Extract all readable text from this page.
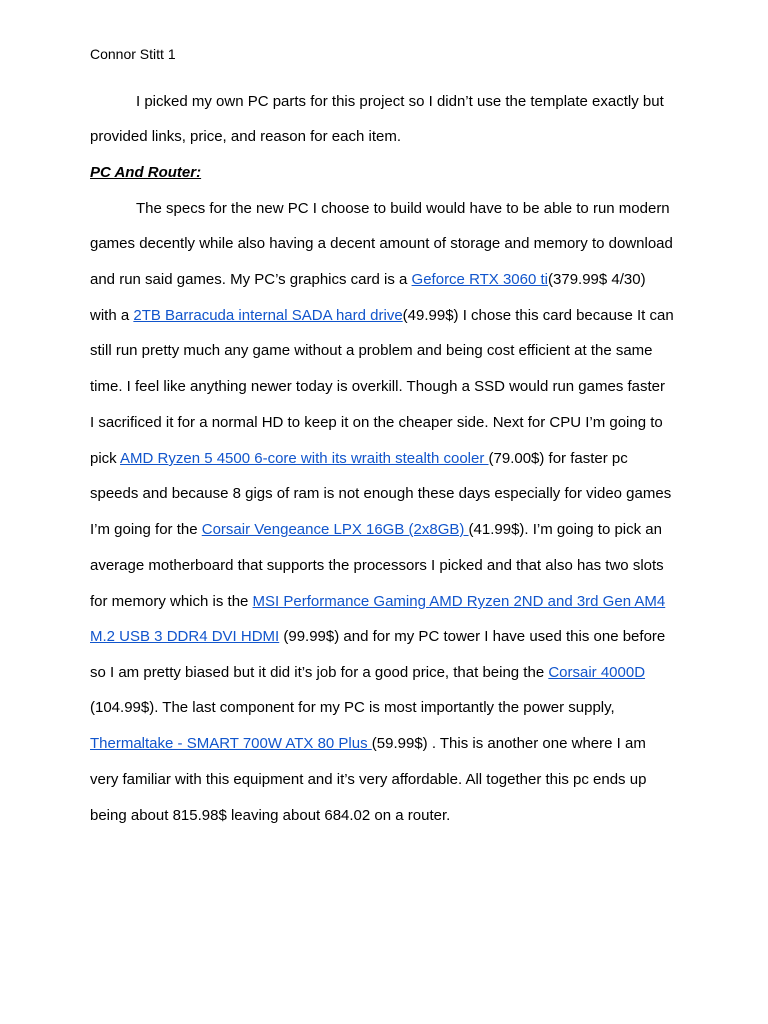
Connor Stitt 1
I picked my own PC parts for this project so I didn’t use the template exactly but
provided links, price, and reason for each item.
PC And Router:
The specs for the new PC I choose to build would have to be able to run modern
games decently while also having a decent amount of storage and memory to download
and run said games. My PC’s graphics card is a Geforce RTX 3060 ti(379.99$ 4/30)
with a 2TB Barracuda internal SADA hard drive(49.99$) I chose this card because It can
still run pretty much any game without a problem and being cost efficient at the same
time. I feel like anything newer today is overkill. Though a SSD would run games faster
I sacrificed it for a normal HD to keep it on the cheaper side. Next for CPU I’m going to
pick AMD Ryzen 5 4500 6-core with its wraith stealth cooler (79.00$) for faster pc
speeds and because 8 gigs of ram is not enough these days especially for video games
I’m going for the Corsair Vengeance LPX 16GB (2x8GB) (41.99$). I’m going to pick an
average motherboard that supports the processors I picked and that also has two slots
for memory which is the MSI Performance Gaming AMD Ryzen 2ND and 3rd Gen AM4
M.2 USB 3 DDR4 DVI HDMI (99.99$) and for my PC tower I have used this one before
so I am pretty biased but it did it’s job for a good price, that being the Corsair 4000D
(104.99$). The last component for my PC is most importantly the power supply,
Thermaltake - SMART 700W ATX 80 Plus (59.99$) . This is another one where I am
very familiar with this equipment and it’s very affordable. All together this pc ends up
being about 815.98$ leaving about 684.02 on a router.
